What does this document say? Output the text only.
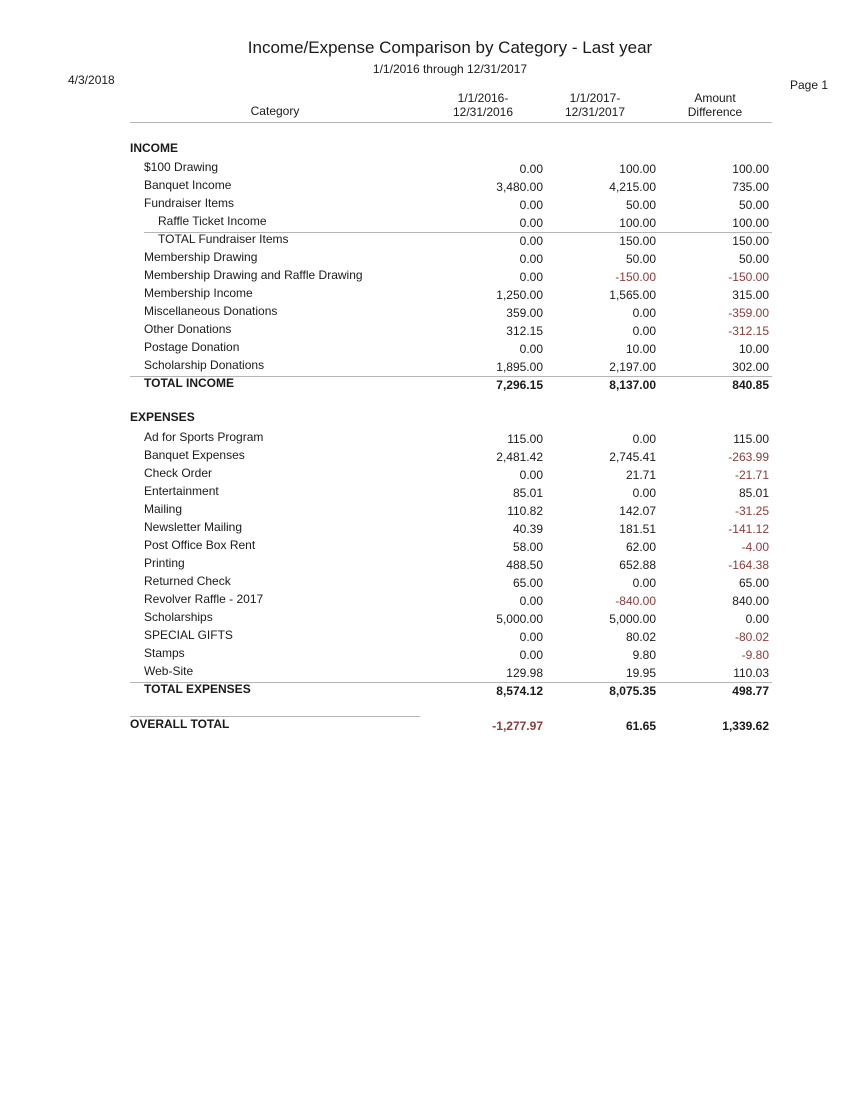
Income/Expense Comparison by Category - Last year
1/1/2016 through 12/31/2017
4/3/2018	Page 1
Category
1/1/2016-
12/31/2016
1/1/2017-
12/31/2017
Amount
Difference
INCOME
$100 Drawing	0.00	100.00	100.00
Banquet Income	3,480.00	4,215.00	735.00
Fundraiser Items	0.00	50.00	50.00
Raffle Ticket Income	0.00	100.00	100.00
TOTAL Fundraiser Items	0.00	150.00	150.00
Membership Drawing	0.00	50.00	50.00
Membership Drawing and Raffle Drawing	0.00	-150.00	-150.00
Membership Income	1,250.00	1,565.00	315.00
Miscellaneous Donations	359.00	0.00	-359.00
Other Donations	312.15	0.00	-312.15
Postage Donation	0.00	10.00	10.00
Scholarship Donations	1,895.00	2,197.00	302.00
TOTAL INCOME	7,296.15	8,137.00	840.85
EXPENSES
Ad for Sports Program	115.00	0.00	115.00
Banquet Expenses	2,481.42	2,745.41	-263.99
Check Order	0.00	21.71	-21.71
Entertainment	85.01	0.00	85.01
Mailing	110.82	142.07	-31.25
Newsletter Mailing	40.39	181.51	-141.12
Post Office Box Rent	58.00	62.00	-4.00
Printing	488.50	652.88	-164.38
Returned Check	65.00	0.00	65.00
Revolver Raffle - 2017	0.00	-840.00	840.00
Scholarships	5,000.00	5,000.00	0.00
SPECIAL GIFTS	0.00	80.02	-80.02
Stamps	0.00	9.80	-9.80
Web-Site	129.98	19.95	110.03
TOTAL EXPENSES	8,574.12	8,075.35	498.77
OVERALL TOTAL	-1,277.97	61.65	1,339.62
